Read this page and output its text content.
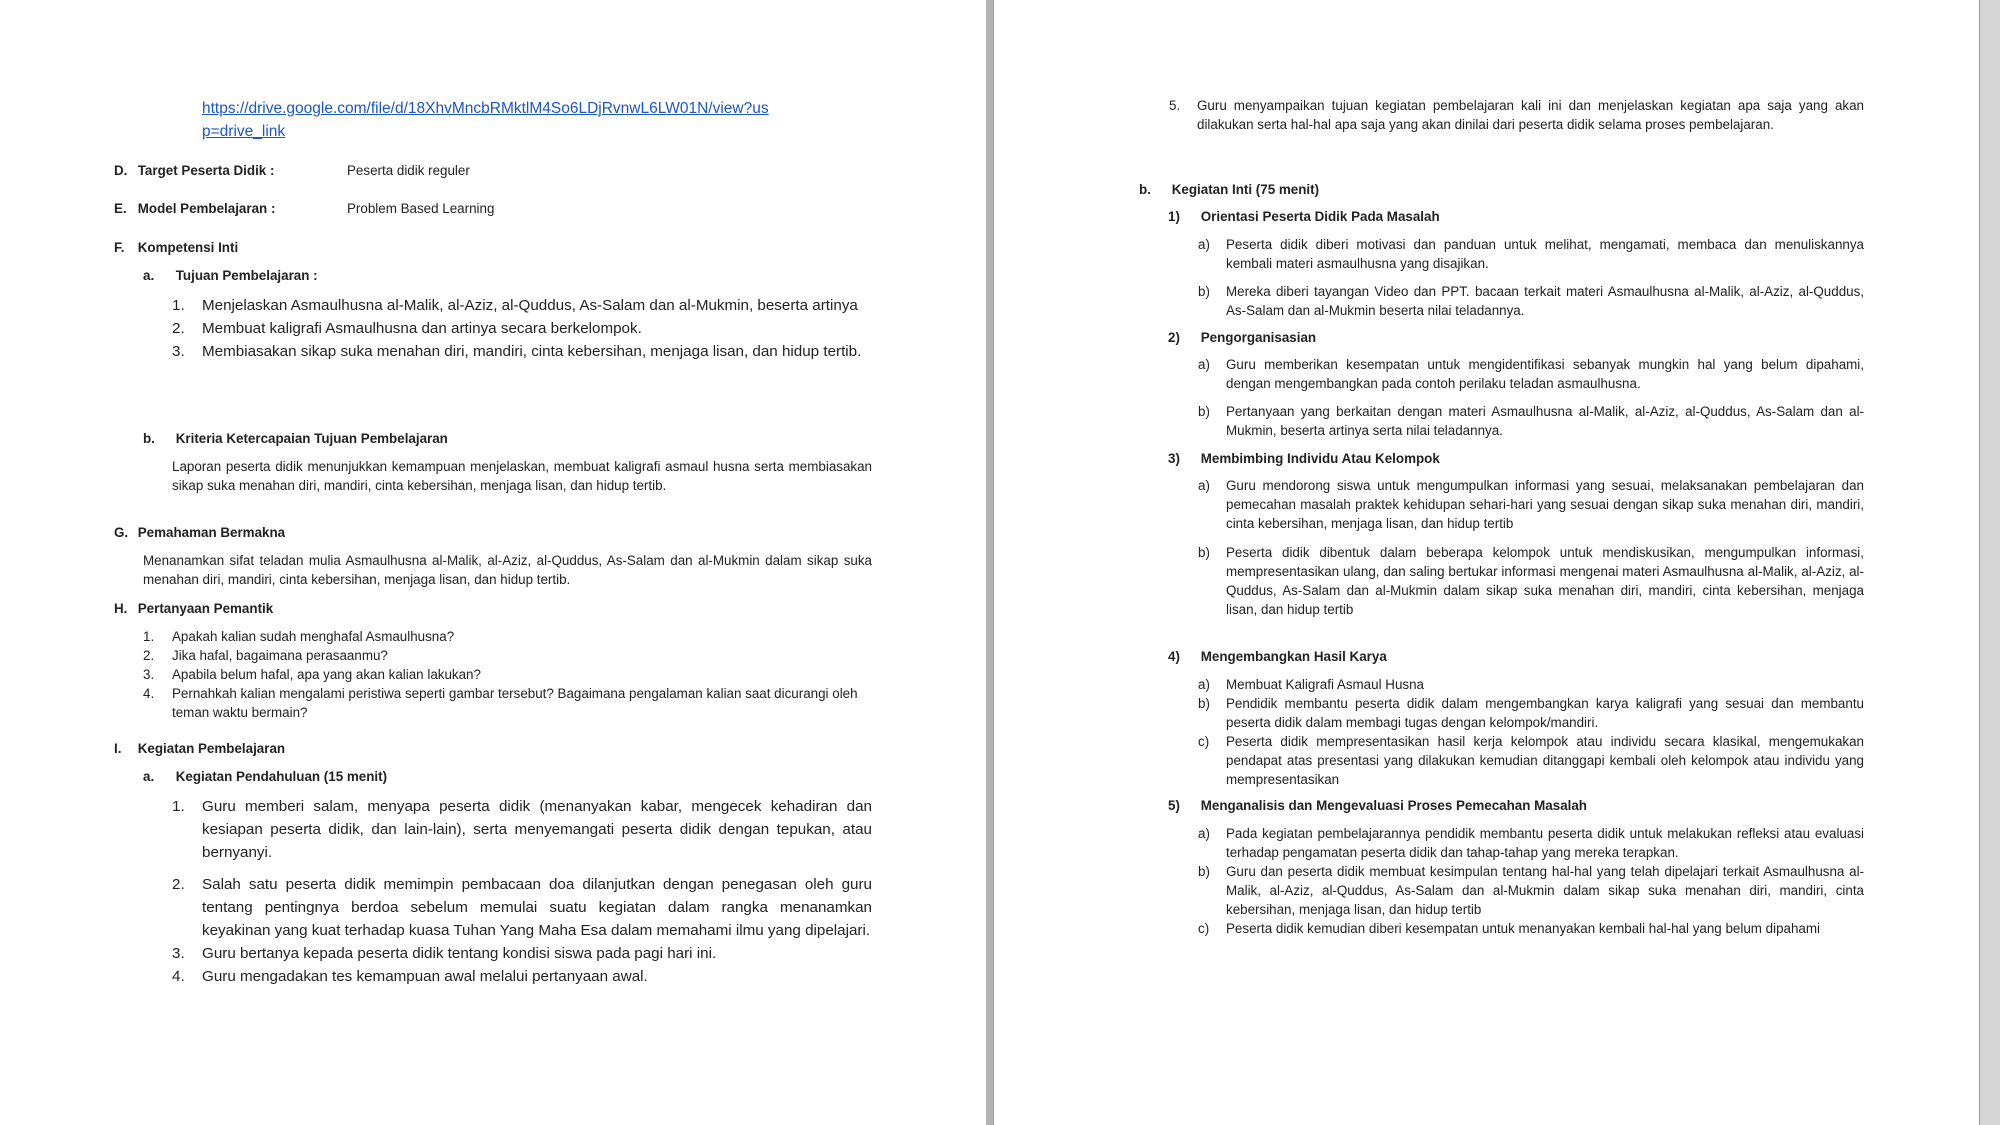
https://drive.google.com/file/d/18XhvMncbRMktlM4So6LDjRvnwL6LW01N/view?us
p=drive_link
D. Target Peserta Didik :	Peserta didik reguler
E. Model Pembelajaran :	Problem Based Learning
F. Kompetensi Inti
a. Tujuan Pembelajaran :
1. Menjelaskan Asmaulhusna al-Malik, al-Aziz, al-Quddus, As-Salam dan al-Mukmin, beserta artinya
2. Membuat kaligrafi Asmaulhusna dan artinya secara berkelompok.
3. Membiasakan sikap suka menahan diri, mandiri, cinta kebersihan, menjaga lisan, dan hidup tertib.
b. Kriteria Ketercapaian Tujuan Pembelajaran
Laporan peserta didik menunjukkan kemampuan menjelaskan, membuat kaligrafi asmaul husna serta membiasakan sikap suka menahan diri, mandiri, cinta kebersihan, menjaga lisan, dan hidup tertib.
G. Pemahaman Bermakna
Menanamkan sifat teladan mulia Asmaulhusna al-Malik, al-Aziz, al-Quddus, As-Salam dan al-Mukmin dalam sikap suka menahan diri, mandiri, cinta kebersihan, menjaga lisan, dan hidup tertib.
H. Pertanyaan Pemantik
1. Apakah kalian sudah menghafal Asmaulhusna?
2. Jika hafal, bagaimana perasaanmu?
3. Apabila belum hafal, apa yang akan kalian lakukan?
4. Pernahkah kalian mengalami peristiwa seperti gambar tersebut? Bagaimana pengalaman kalian saat dicurangi oleh teman waktu bermain?
I. Kegiatan Pembelajaran
a. Kegiatan Pendahuluan (15 menit)
1. Guru memberi salam, menyapa peserta didik (menanyakan kabar, mengecek kehadiran dan kesiapan peserta didik, dan lain-lain), serta menyemangati peserta didik dengan tepukan, atau bernyanyi.
2. Salah satu peserta didik memimpin pembacaan doa dilanjutkan dengan penegasan oleh guru tentang pentingnya berdoa sebelum memulai suatu kegiatan dalam rangka menanamkan keyakinan yang kuat terhadap kuasa Tuhan Yang Maha Esa dalam memahami ilmu yang dipelajari.
3. Guru bertanya kepada peserta didik tentang kondisi siswa pada pagi hari ini.
4. Guru mengadakan tes kemampuan awal melalui pertanyaan awal.
5. Guru menyampaikan tujuan kegiatan pembelajaran kali ini dan menjelaskan kegiatan apa saja yang akan dilakukan serta hal-hal apa saja yang akan dinilai dari peserta didik selama proses pembelajaran.
b. Kegiatan Inti (75 menit)
1) Orientasi Peserta Didik Pada Masalah
a) Peserta didik diberi motivasi dan panduan untuk melihat, mengamati, membaca dan menuliskannya kembali materi asmaulhusna yang disajikan.
b) Mereka diberi tayangan Video dan PPT. bacaan terkait materi Asmaulhusna al-Malik, al-Aziz, al-Quddus, As-Salam dan al-Mukmin beserta nilai teladannya.
2) Pengorganisasian
a) Guru memberikan kesempatan untuk mengidentifikasi sebanyak mungkin hal yang belum dipahami, dengan mengembangkan pada contoh perilaku teladan asmaulhusna.
b) Pertanyaan yang berkaitan dengan materi Asmaulhusna al-Malik, al-Aziz, al-Quddus, As-Salam dan al-Mukmin, beserta artinya serta nilai teladannya.
3) Membimbing Individu Atau Kelompok
a) Guru mendorong siswa untuk mengumpulkan informasi yang sesuai, melaksanakan pembelajaran dan pemecahan masalah praktek kehidupan sehari-hari yang sesuai dengan sikap suka menahan diri, mandiri, cinta kebersihan, menjaga lisan, dan hidup tertib
b) Peserta didik dibentuk dalam beberapa kelompok untuk mendiskusikan, mengumpulkan informasi, mempresentasikan ulang, dan saling bertukar informasi mengenai materi Asmaulhusna al-Malik, al-Aziz, al-Quddus, As-Salam dan al-Mukmin dalam sikap suka menahan diri, mandiri, cinta kebersihan, menjaga lisan, dan hidup tertib
4) Mengembangkan Hasil Karya
a) Membuat Kaligrafi Asmaul Husna
b) Pendidik membantu peserta didik dalam mengembangkan karya kaligrafi yang sesuai dan membantu peserta didik dalam membagi tugas dengan kelompok/mandiri.
c) Peserta didik mempresentasikan hasil kerja kelompok atau individu secara klasikal, mengemukakan pendapat atas presentasi yang dilakukan kemudian ditanggapi kembali oleh kelompok atau individu yang mempresentasikan
5) Menganalisis dan Mengevaluasi Proses Pemecahan Masalah
a) Pada kegiatan pembelajarannya pendidik membantu peserta didik untuk melakukan refleksi atau evaluasi terhadap pengamatan peserta didik dan tahap-tahap yang mereka terapkan.
b) Guru dan peserta didik membuat kesimpulan tentang hal-hal yang telah dipelajari terkait Asmaulhusna al-Malik, al-Aziz, al-Quddus, As-Salam dan al-Mukmin dalam sikap suka menahan diri, mandiri, cinta kebersihan, menjaga lisan, dan hidup tertib
c) Peserta didik kemudian diberi kesempatan untuk menanyakan kembali hal-hal yang belum dipahami
